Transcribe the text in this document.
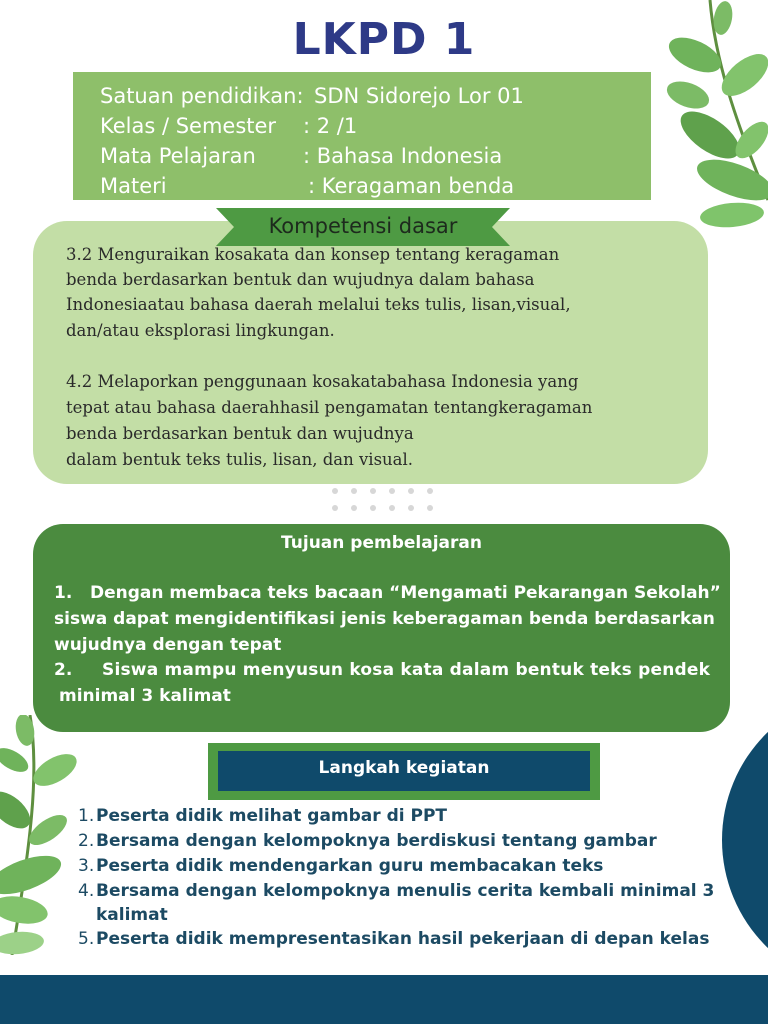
LKPD 1
Satuan pendidikan: SDN Sidorejo Lor 01
Kelas / Semester : 2 /1
Mata Pelajaran : Bahasa Indonesia
Materi	: Keragaman benda
Kompetensi dasar
3.2 Menguraikan kosakata dan konsep tentang keragaman
benda berdasarkan bentuk dan wujudnya dalam bahasa
Indonesiaatau bahasa daerah melalui teks tulis, lisan,visual,
dan/atau eksplorasi lingkungan.
4.2 Melaporkan penggunaan kosakatabahasa Indonesia yang
tepat atau bahasa daerahhasil pengamatan tentangkeragaman
benda berdasarkan bentuk dan wujudnya
dalam bentuk teks tulis, lisan, dan visual.
Tujuan pembelajaran
1. Dengan membaca teks bacaan “Mengamati Pekarangan Sekolah”
siswa dapat mengidentifikasi jenis keberagaman benda berdasarkan
wujudnya dengan tepat
2. Siswa mampu menyusun kosa kata dalam bentuk teks pendek
minimal 3 kalimat
Langkah kegiatan
1. Peserta didik melihat gambar di PPT
2. Bersama dengan kelompoknya berdiskusi tentang gambar
3. Peserta didik mendengarkan guru membacakan teks
4. Bersama dengan kelompoknya menulis cerita kembali minimal 3
kalimat
5. Peserta didik mempresentasikan hasil pekerjaan di depan kelas
